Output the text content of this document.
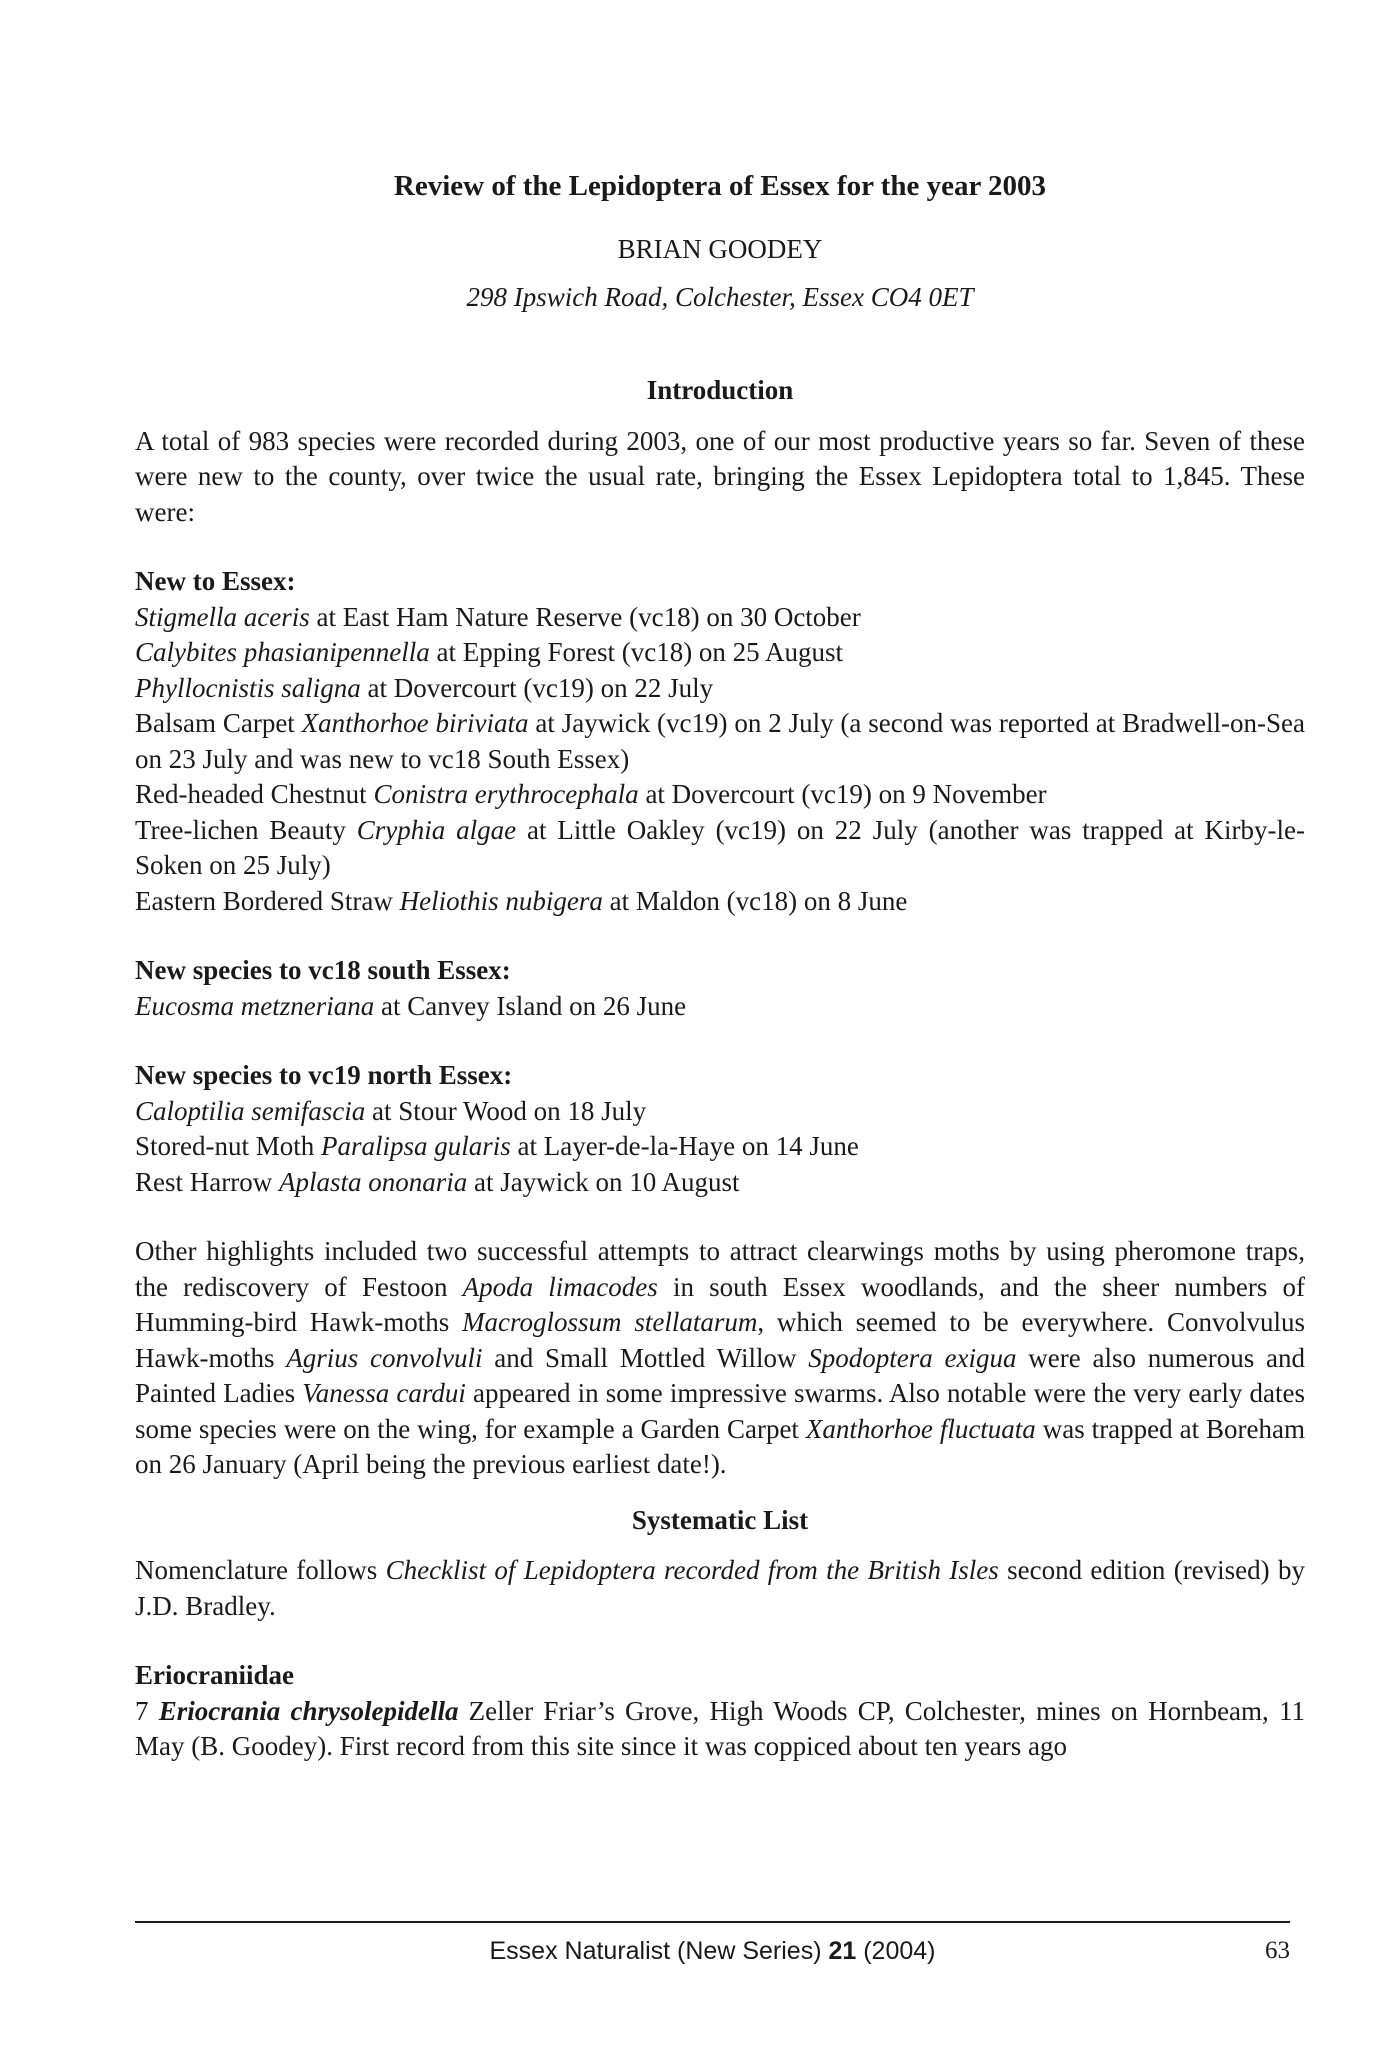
Review of the Lepidoptera of Essex for the year 2003

BRIAN GOODEY

298 Ipswich Road, Colchester, Essex CO4 0ET

Introduction

A total of 983 species were recorded during 2003, one of our most productive years so far. Seven of these were new to the county, over twice the usual rate, bringing the Essex Lepidoptera total to 1,845. These were:

New to Essex:

Stigmella aceris at East Ham Nature Reserve (vc18) on 30 October

Calybites phasianipennella at Epping Forest (vc18) on 25 August

Phyllocnistis saligna at Dovercourt (vc19) on 22 July

Balsam Carpet Xanthorhoe biriviata at Jaywick (vc19) on 2 July (a second was reported at Bradwell-on-Sea on 23 July and was new to vc18 South Essex)

Red-headed Chestnut Conistra erythrocephala at Dovercourt (vc19) on 9 November

Tree-lichen Beauty Cryphia algae at Little Oakley (vc19) on 22 July (another was trapped at Kirby-le-Soken on 25 July)

Eastern Bordered Straw Heliothis nubigera at Maldon (vc18) on 8 June

New species to vc18 south Essex:

Eucosma metzneriana at Canvey Island on 26 June

New species to vc19 north Essex:

Caloptilia semifascia at Stour Wood on 18 July

Stored-nut Moth Paralipsa gularis at Layer-de-la-Haye on 14 June

Rest Harrow Aplasta ononaria at Jaywick on 10 August

Other highlights included two successful attempts to attract clearwings moths by using pheromone traps, the rediscovery of Festoon Apoda limacodes in south Essex woodlands, and the sheer numbers of Humming-bird Hawk-moths Macroglossum stellatarum, which seemed to be everywhere. Convolvulus Hawk-moths Agrius convolvuli and Small Mottled Willow Spodoptera exigua were also numerous and Painted Ladies Vanessa cardui appeared in some impressive swarms. Also notable were the very early dates some species were on the wing, for example a Garden Carpet Xanthorhoe fluctuata was trapped at Boreham on 26 January (April being the previous earliest date!).

Systematic List

Nomenclature follows Checklist of Lepidoptera recorded from the British Isles second edition (revised) by J.D. Bradley.

Eriocraniidae

7 Eriocrania chrysolepidella Zeller Friar’s Grove, High Woods CP, Colchester, mines on Hornbeam, 11 May (B. Goodey). First record from this site since it was coppiced about ten years ago

Essex Naturalist (New Series) 21 (2004)	63
